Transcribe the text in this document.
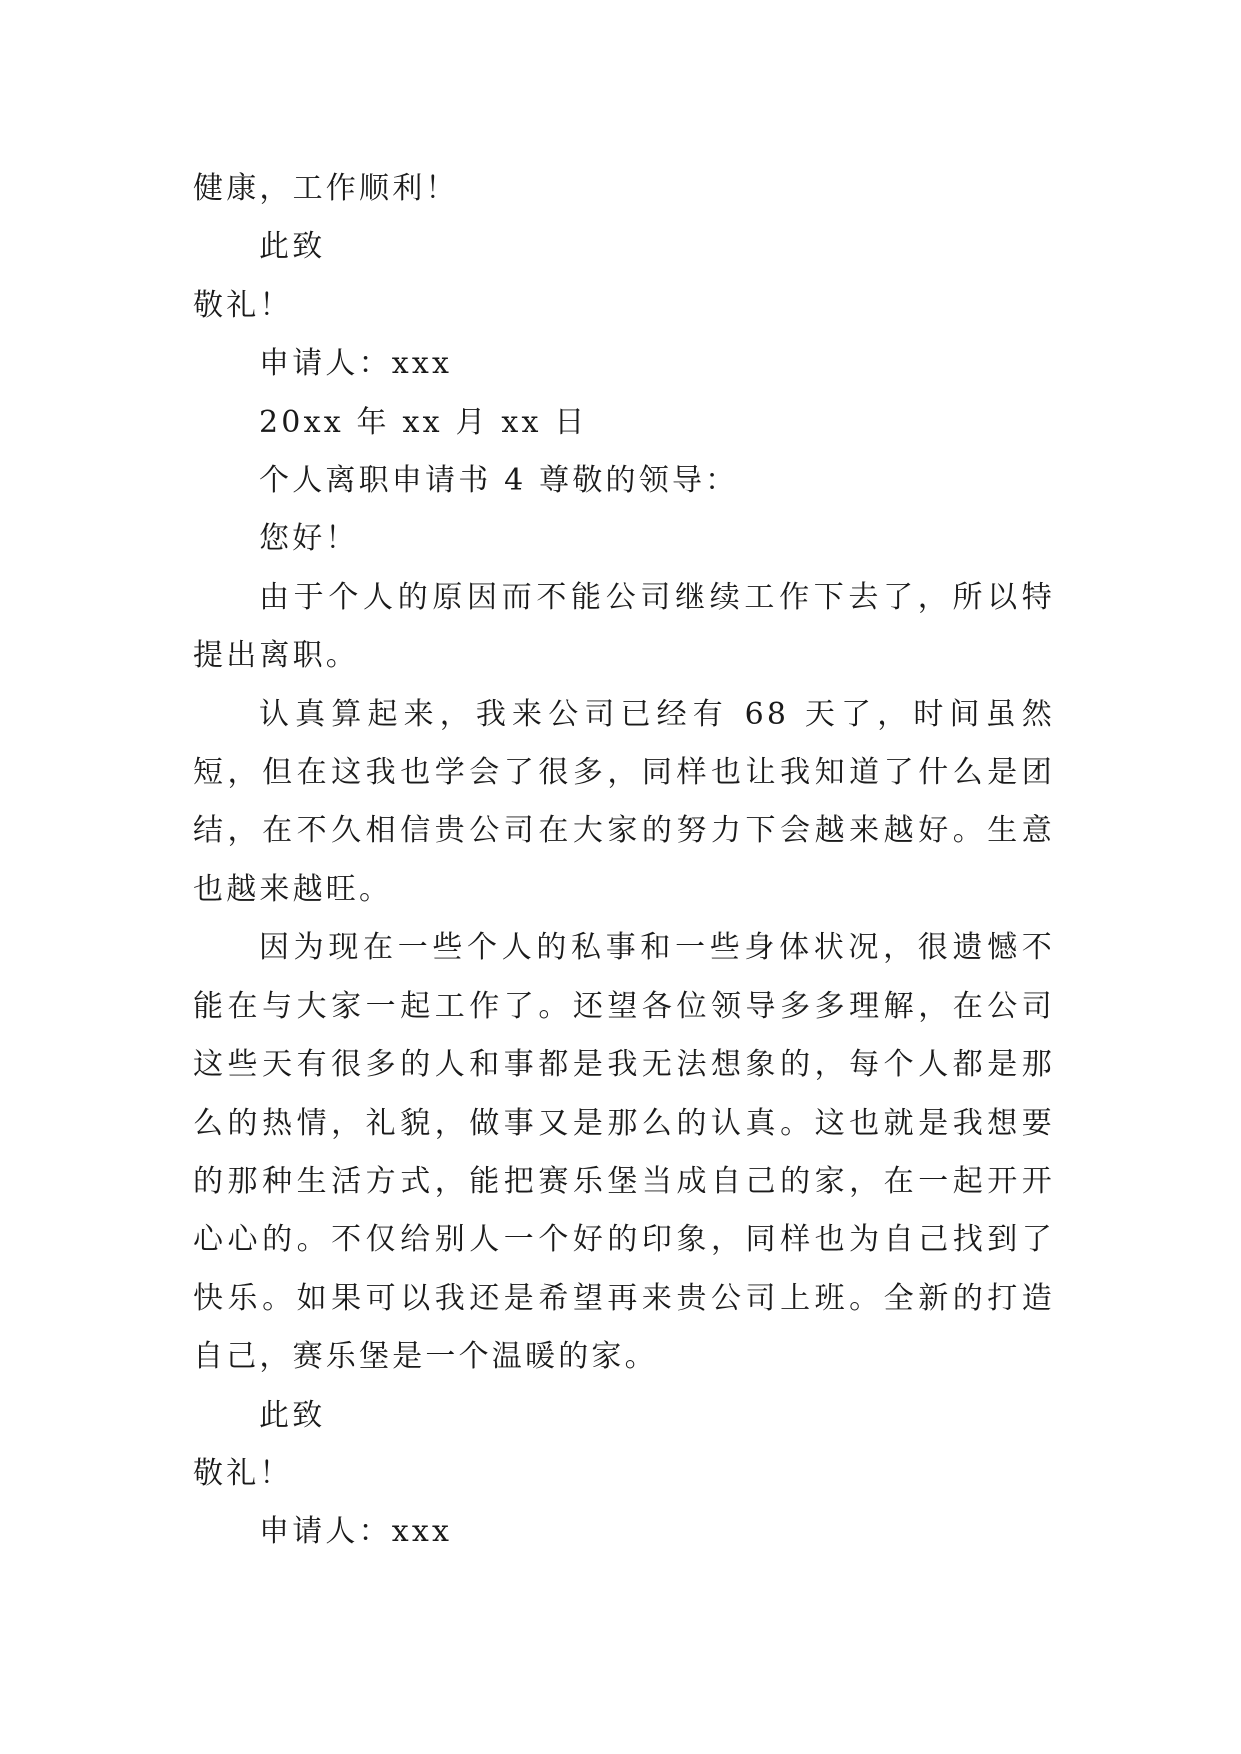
健康，工作顺利！

此致

敬礼！

申请人：xxx

20xx 年 xx 月 xx 日

个人离职申请书 4 尊敬的领导：

您好！

由于个人的原因而不能公司继续工作下去了，所以特提出离职。

认真算起来，我来公司已经有 68 天了，时间虽然短，但在这我也学会了很多，同样也让我知道了什么是团结，在不久相信贵公司在大家的努力下会越来越好。生意也越来越旺。

因为现在一些个人的私事和一些身体状况，很遗憾不能在与大家一起工作了。还望各位领导多多理解，在公司这些天有很多的人和事都是我无法想象的，每个人都是那么的热情，礼貌，做事又是那么的认真。这也就是我想要的那种生活方式，能把赛乐堡当成自己的家，在一起开开心心的。不仅给别人一个好的印象，同样也为自己找到了快乐。如果可以我还是希望再来贵公司上班。全新的打造自己，赛乐堡是一个温暖的家。

此致

敬礼！

申请人：xxx
